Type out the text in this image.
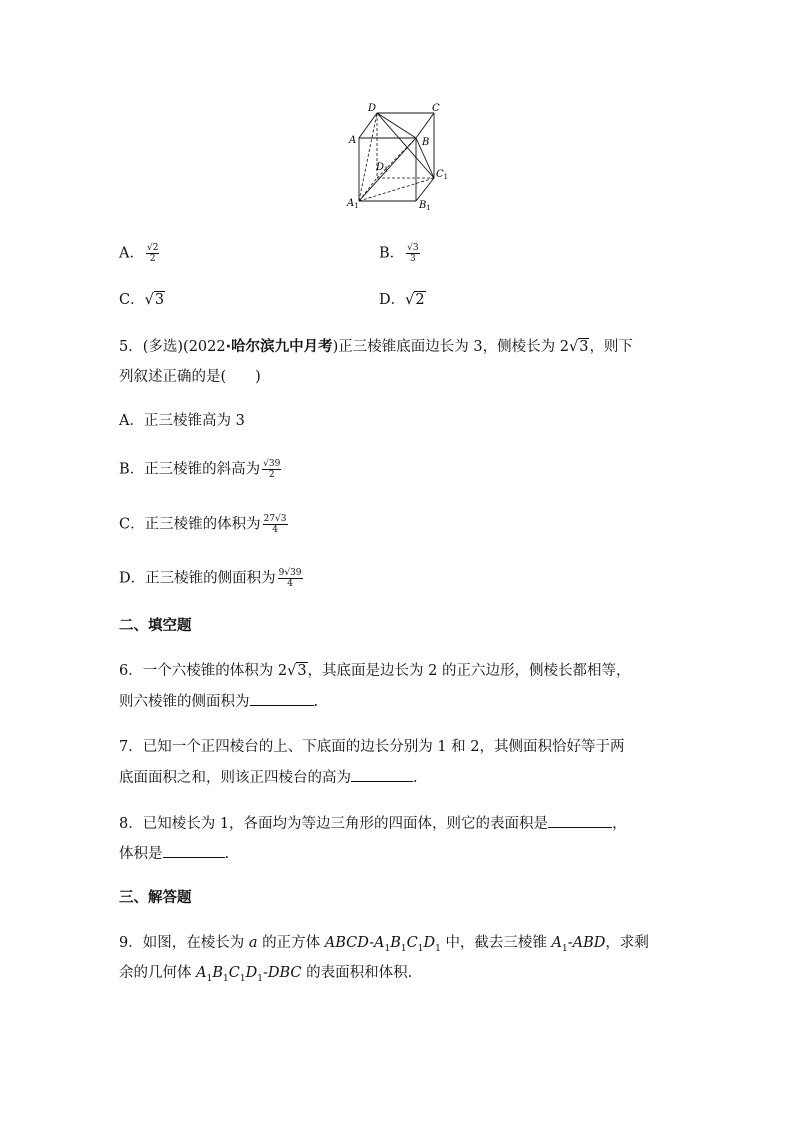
D	C
A	B
$D_1$	$C_1$
$A_1$	$B_1$
A． $\frac{√2}{2}$	B． $\frac{√3}{3}$
C．√3	D．√2
5．(多选)(2022·哈尔滨九中月考)正三棱锥底面边长为 3，侧棱长为 2√3，则下
列叙述正确的是(　　)
A．正三棱锥高为 3
B．正三棱锥的斜高为 $\frac{√39}{2}$
C．正三棱锥的体积为 $\frac{27√3}{4}$
D．正三棱锥的侧面积为 $\frac{9√39}{4}$
二、填空题
6．一个六棱锥的体积为 2√3，其底面是边长为 2 的正六边形，侧棱长都相等，
则六棱锥的侧面积为	.
7．已知一个正四棱台的上、下底面的边长分别为 1 和 2，其侧面积恰好等于两
底面面积之和，则该正四棱台的高为	.
8．已知棱长为 1，各面均为等边三角形的四面体，则它的表面积是	，
体积是	.
三、解答题
9．如图，在棱长为 a 的正方体 ABCD-$A_1B_1C_1D_1$ 中，截去三棱锥 $A_1$-ABD，求剩
余的几何体 $A_1B_1C_1D_1$-DBC 的表面积和体积.
